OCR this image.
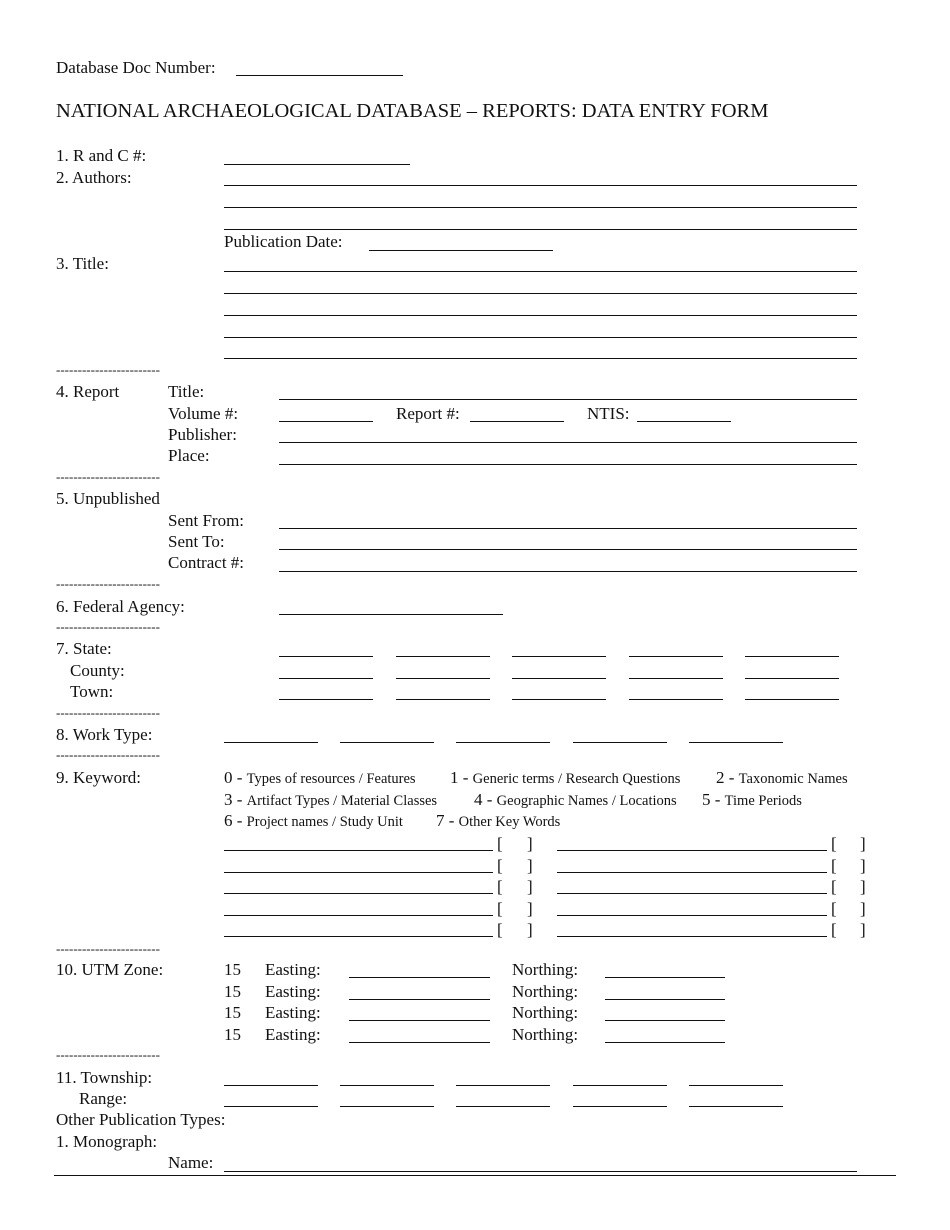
Database Doc Number:
NATIONAL ARCHAEOLOGICAL DATABASE – REPORTS: DATA ENTRY FORM
1. R and C #:
2. Authors:
Publication Date:
3. Title:
------------------------
4. Report	Title:
Volume #:	Report #:	NTIS:
Publisher:
Place:
------------------------
5. Unpublished
Sent From:
Sent To:
Contract #:
------------------------
6. Federal Agency:
------------------------
7. State:
County:
Town:
------------------------
8. Work Type:
------------------------
9. Keyword:	0 - Types of resources / Features 1 - Generic terms / Research Questions 2 - Taxonomic Names
3 - Artifact Types / Material Classes 4 - Geographic Names / Locations 5 - Time Periods
6 - Project names / Study Unit 7 - Other Key Words
[ ]	[ ]
[ ]	[ ]
[ ]	[ ]
[ ]	[ ]
[ ]	[ ]
------------------------
10. UTM Zone:	15 Easting:	Northing:
15 Easting:	Northing:
15 Easting:	Northing:
15 Easting:	Northing:
------------------------
11. Township:
Range:
Other Publication Types:
1. Monograph:
Name:
